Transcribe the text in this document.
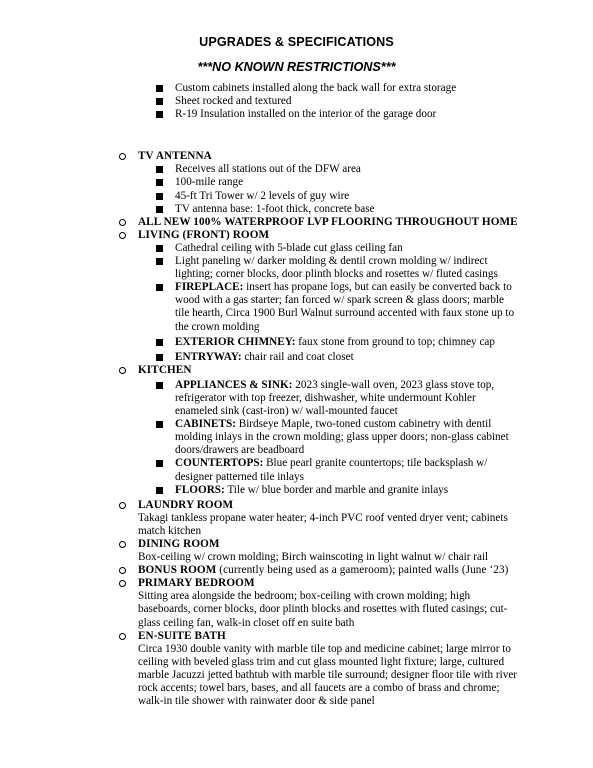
UPGRADES & SPECIFICATIONS
***NO KNOWN RESTRICTIONS***
Custom cabinets installed along the back wall for extra storage
Sheet rocked and textured
R-19 Insulation installed on the interior of the garage door
TV ANTENNA
Receives all stations out of the DFW area
100-mile range
45-ft Tri Tower w/ 2 levels of guy wire
TV antenna base: 1-foot thick, concrete base
ALL NEW 100% WATERPROOF LVP FLOORING THROUGHOUT HOME
LIVING (FRONT) ROOM
Cathedral ceiling with 5-blade cut glass ceiling fan
Light paneling w/ darker molding & dentil crown molding w/ indirect lighting; corner blocks, door plinth blocks and rosettes w/ fluted casings
FIREPLACE: insert has propane logs, but can easily be converted back to wood with a gas starter; fan forced w/ spark screen & glass doors; marble tile hearth, Circa 1900 Burl Walnut surround accented with faux stone up to the crown molding
EXTERIOR CHIMNEY: faux stone from ground to top; chimney cap
ENTRYWAY: chair rail and coat closet
KITCHEN
APPLIANCES & SINK: 2023 single-wall oven, 2023 glass stove top, refrigerator with top freezer, dishwasher, white undermount Kohler enameled sink (cast-iron) w/ wall-mounted faucet
CABINETS: Birdseye Maple, two-toned custom cabinetry with dentil molding inlays in the crown molding; glass upper doors; non-glass cabinet doors/drawers are beadboard
COUNTERTOPS: Blue pearl granite countertops; tile backsplash w/ designer patterned tile inlays
FLOORS: Tile w/ blue border and marble and granite inlays
LAUNDRY ROOM
Takagi tankless propane water heater; 4-inch PVC roof vented dryer vent; cabinets match kitchen
DINING ROOM
Box-ceiling w/ crown molding; Birch wainscoting in light walnut w/ chair rail
BONUS ROOM (currently being used as a gameroom); painted walls (June ‘23)
PRIMARY BEDROOM
Sitting area alongside the bedroom; box-ceiling with crown molding; high baseboards, corner blocks, door plinth blocks and rosettes with fluted casings; cut-glass ceiling fan, walk-in closet off en suite bath
EN-SUITE BATH
Circa 1930 double vanity with marble tile top and medicine cabinet; large mirror to ceiling with beveled glass trim and cut glass mounted light fixture; large, cultured marble Jacuzzi jetted bathtub with marble tile surround; designer floor tile with river rock accents; towel bars, bases, and all faucets are a combo of brass and chrome; walk-in tile shower with rainwater door & side panel
